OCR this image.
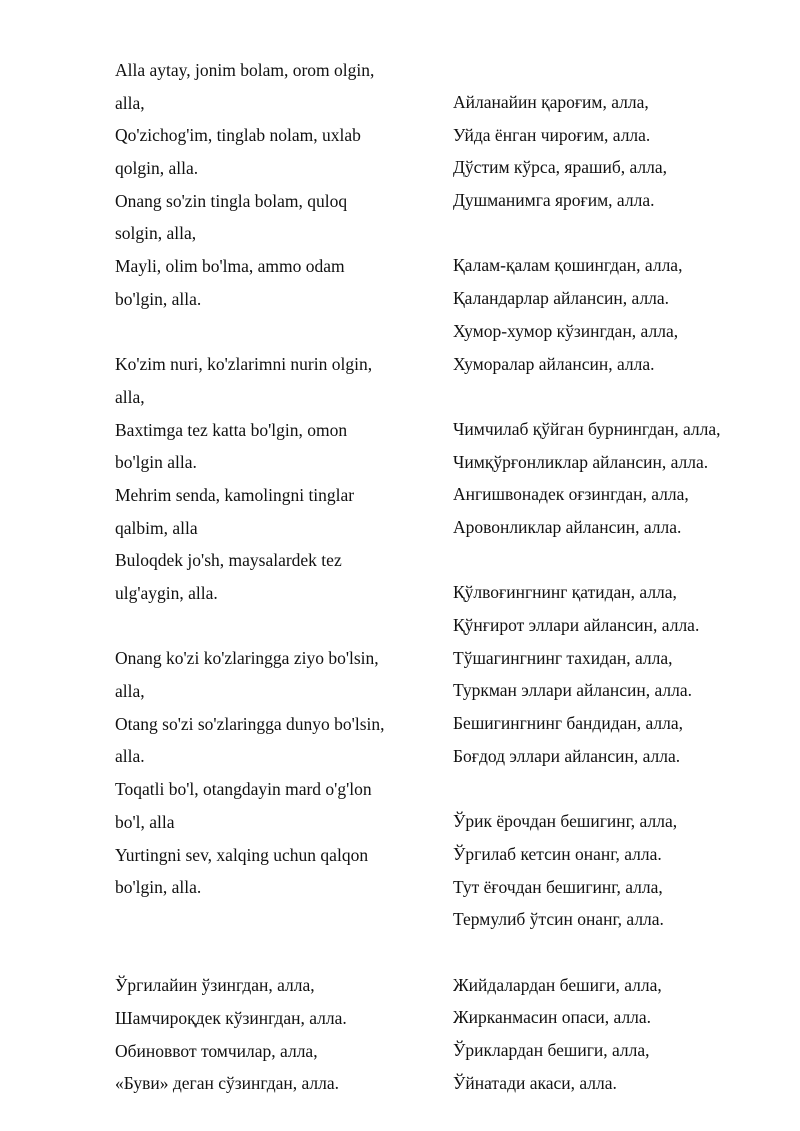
Alla aytay, jonim bolam, orom olgin,
alla,
Qo'zichog'im, tinglab nolam, uxlab
qolgin, alla.
Onang so'zin tingla bolam, quloq
solgin, alla,
Mayli, olim bo'lma, ammo odam
bo'lgin, alla.
Ko'zim nuri, ko'zlarimni nurin olgin,
alla,
Baxtimga tez katta bo'lgin, omon
bo'lgin alla.
Mehrim senda, kamolingni tinglar
qalbim, alla
Buloqdek jo'sh, maysalardek tez
ulg'aygin, alla.
Onang ko'zi ko'zlaringga ziyo bo'lsin,
alla,
Otang so'zi so'zlaringga dunyo bo'lsin,
alla.
Toqatli bo'l, otangdayin mard o'g'lon
bo'l, alla
Yurtingni sev, xalqing uchun qalqon
bo'lgin, alla.
Ўргилайин ўзингдан, алла,
Шамчироқдек кўзингдан, алла.
Обиноввот томчилар, алла,
«Буви» деган сўзингдан, алла.
Айланайин қароғим, алла,
Уйда ёнган чироғим, алла.
Дўстим кўрса, ярашиб, алла,
Душманимга яроғим, алла.
Қалам-қалам қошингдан, алла,
Қаландарлар айлансин, алла.
Хумор-хумор кўзингдан, алла,
Хуморалар айлансин, алла.
Чимчилаб қўйган бурнингдан, алла,
Чимқўрғонликлар айлансин, алла.
Ангишвонадек оғзингдан, алла,
Аровонликлар айлансин, алла.
Қўлвоғингнинг қатидан, алла,
Қўнғирот эллари айлансин, алла.
Тўшагингнинг тахидан, алла,
Туркман эллари айлансин, алла.
Бешигингнинг бандидан, алла,
Боғдод эллари айлансин, алла.
Ўрик ёрочдан бешигинг, алла,
Ўргилаб кетсин онанг, алла.
Тут ёғочдан бешигинг, алла,
Термулиб ўтсин онанг, алла.
Жийдалардан бешиги, алла,
Жирканмасин опаси, алла.
Ўриклардан бешиги, алла,
Ўйнатади акаси, алла.
